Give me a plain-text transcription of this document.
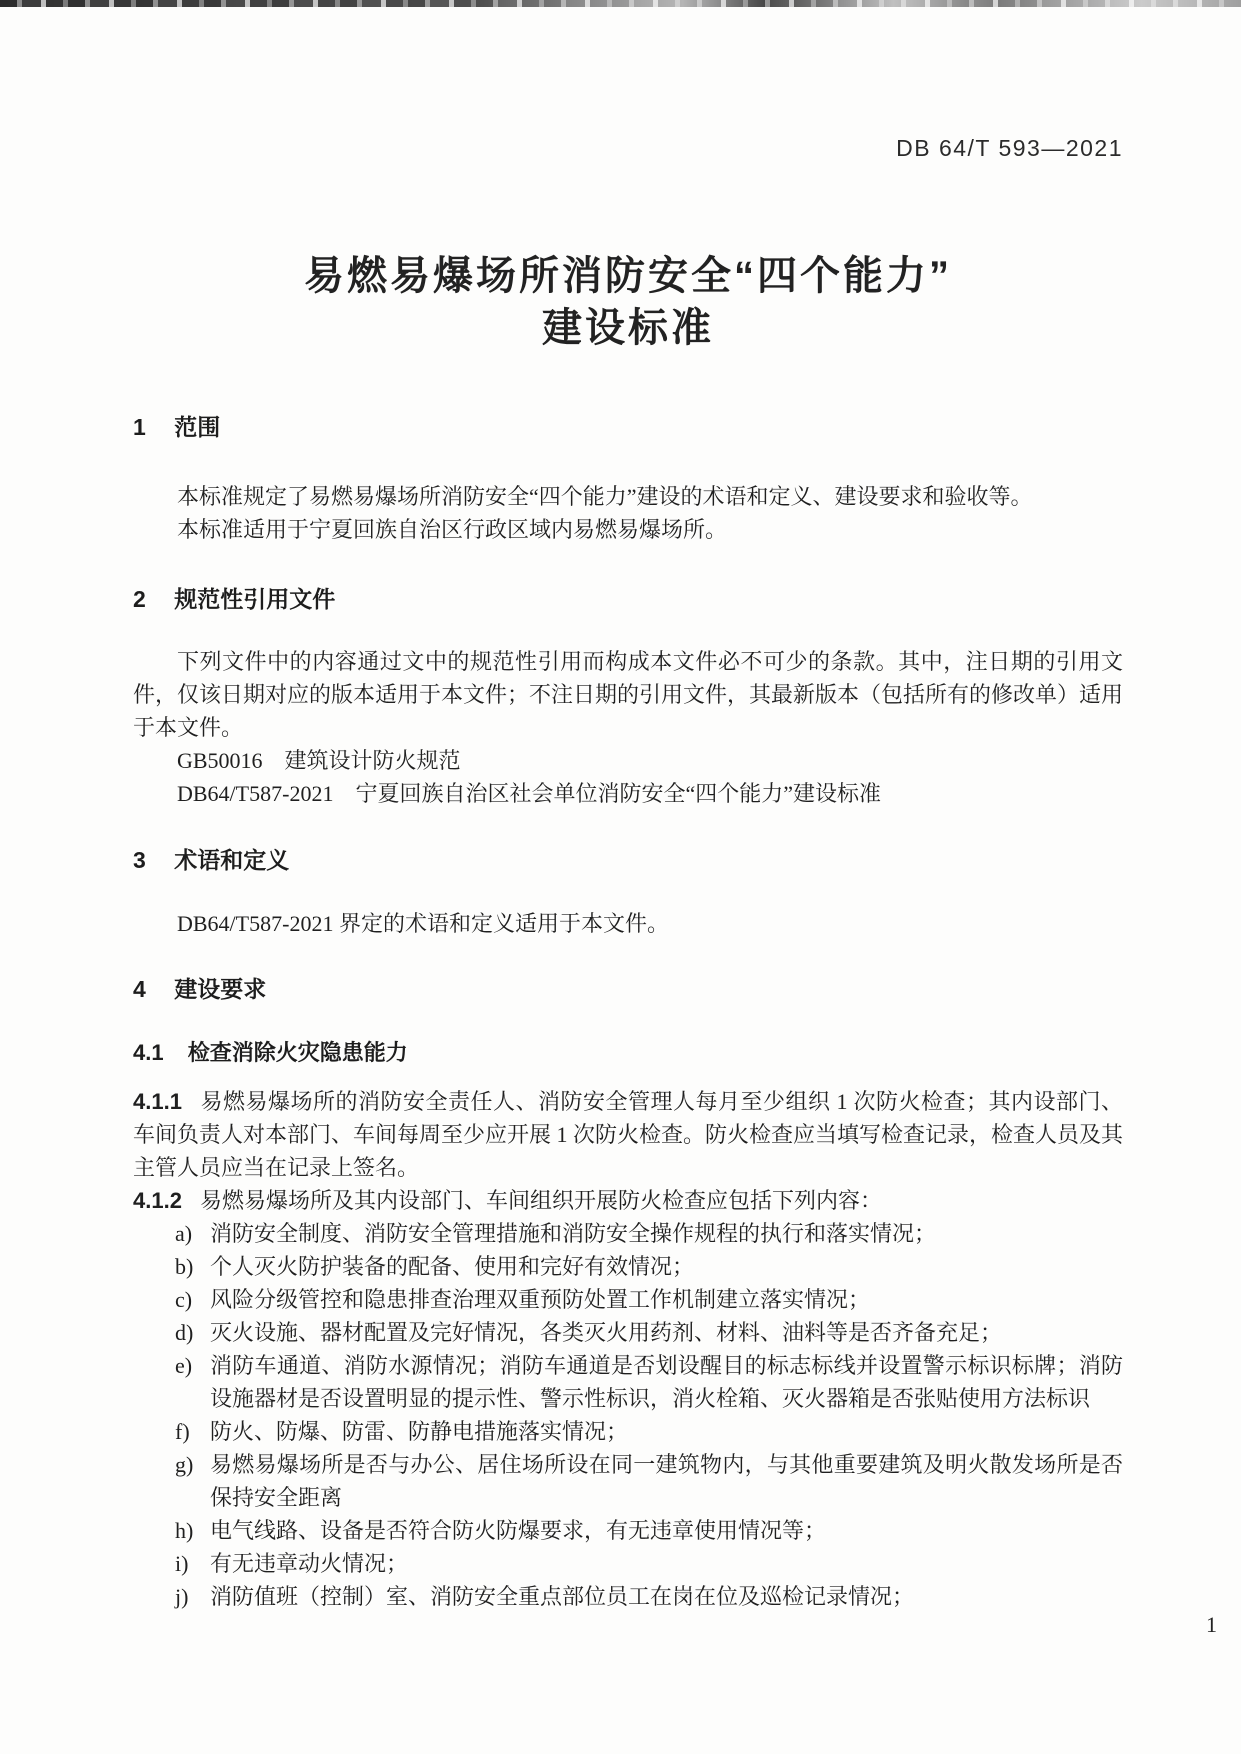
DB 64/T 593—2021
易燃易爆场所消防安全“四个能力”
建设标准
1 范围

本标准规定了易燃易爆场所消防安全“四个能力”建设的术语和定义、建设要求和验收等。

本标准适用于宁夏回族自治区行政区域内易燃易爆场所。

2 规范性引用文件

下列文件中的内容通过文中的规范性引用而构成本文件必不可少的条款。其中，注日期的引用文件，仅该日期对应的版本适用于本文件；不注日期的引用文件，其最新版本（包括所有的修改单）适用于本文件。

GB50016　建筑设计防火规范

DB64/T587-2021　宁夏回族自治区社会单位消防安全“四个能力”建设标准

3 术语和定义

DB64/T587-2021 界定的术语和定义适用于本文件。

4 建设要求
4.1 检查消除火灾隐患能力

4.1.1 易燃易爆场所的消防安全责任人、消防安全管理人每月至少组织 1 次防火检查；其内设部门、车间负责人对本部门、车间每周至少应开展 1 次防火检查。防火检查应当填写检查记录，检查人员及其主管人员应当在记录上签名。

4.1.2 易燃易爆场所及其内设部门、车间组织开展防火检查应包括下列内容：

a) 消防安全制度、消防安全管理措施和消防安全操作规程的执行和落实情况；
b) 个人灭火防护装备的配备、使用和完好有效情况；
c) 风险分级管控和隐患排查治理双重预防处置工作机制建立落实情况；
d) 灭火设施、器材配置及完好情况，各类灭火用药剂、材料、油料等是否齐备充足；
e) 消防车通道、消防水源情况；消防车通道是否划设醒目的标志标线并设置警示标识标牌；消防设施器材是否设置明显的提示性、警示性标识，消火栓箱、灭火器箱是否张贴使用方法标识
f) 防火、防爆、防雷、防静电措施落实情况；
g) 易燃易爆场所是否与办公、居住场所设在同一建筑物内，与其他重要建筑及明火散发场所是否保持安全距离
h) 电气线路、设备是否符合防火防爆要求，有无违章使用情况等；
i) 有无违章动火情况；
j) 消防值班（控制）室、消防安全重点部位员工在岗在位及巡检记录情况；
1
